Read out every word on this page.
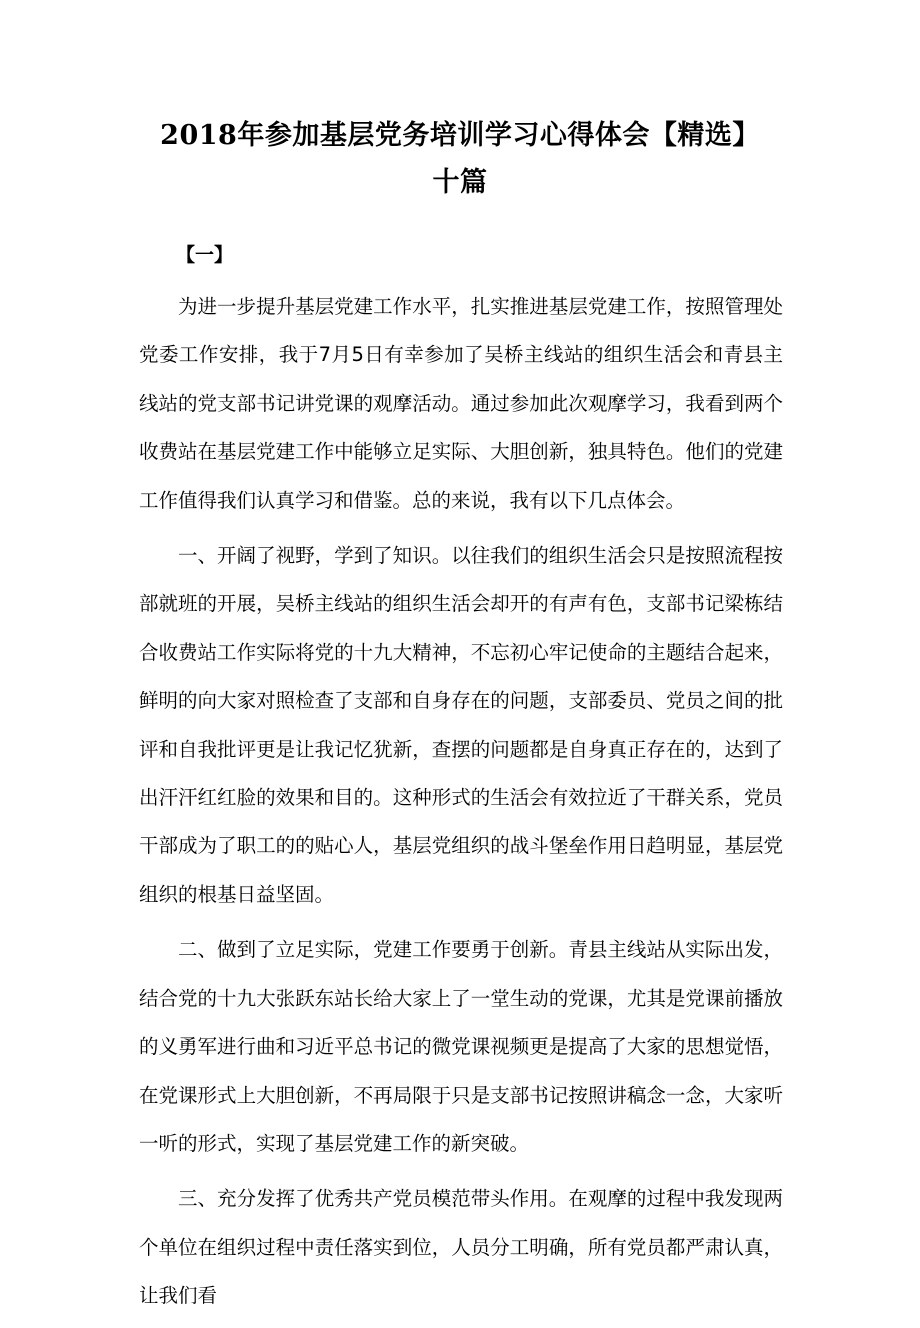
2018年参加基层党务培训学习心得体会【精选】
十篇
【一】

为进一步提升基层党建工作水平，扎实推进基层党建工作，按照管理处党委工作安排，我于7月5日有幸参加了吴桥主线站的组织生活会和青县主线站的党支部书记讲党课的观摩活动。通过参加此次观摩学习，我看到两个收费站在基层党建工作中能够立足实际、大胆创新，独具特色。他们的党建工作值得我们认真学习和借鉴。总的来说，我有以下几点体会。

一、开阔了视野，学到了知识。以往我们的组织生活会只是按照流程按部就班的开展，吴桥主线站的组织生活会却开的有声有色，支部书记梁栋结合收费站工作实际将党的十九大精神，不忘初心牢记使命的主题结合起来，鲜明的向大家对照检查了支部和自身存在的问题，支部委员、党员之间的批评和自我批评更是让我记忆犹新，查摆的问题都是自身真正存在的，达到了出汗汗红红脸的效果和目的。这种形式的生活会有效拉近了干群关系，党员干部成为了职工的的贴心人，基层党组织的战斗堡垒作用日趋明显，基层党组织的根基日益坚固。

二、做到了立足实际，党建工作要勇于创新。青县主线站从实际出发，结合党的十九大张跃东站长给大家上了一堂生动的党课，尤其是党课前播放的义勇军进行曲和习近平总书记的微党课视频更是提高了大家的思想觉悟，在党课形式上大胆创新，不再局限于只是支部书记按照讲稿念一念，大家听一听的形式，实现了基层党建工作的新突破。

三、充分发挥了优秀共产党员模范带头作用。在观摩的过程中我发现两个单位在组织过程中责任落实到位，人员分工明确，所有党员都严肃认真，让我们看
